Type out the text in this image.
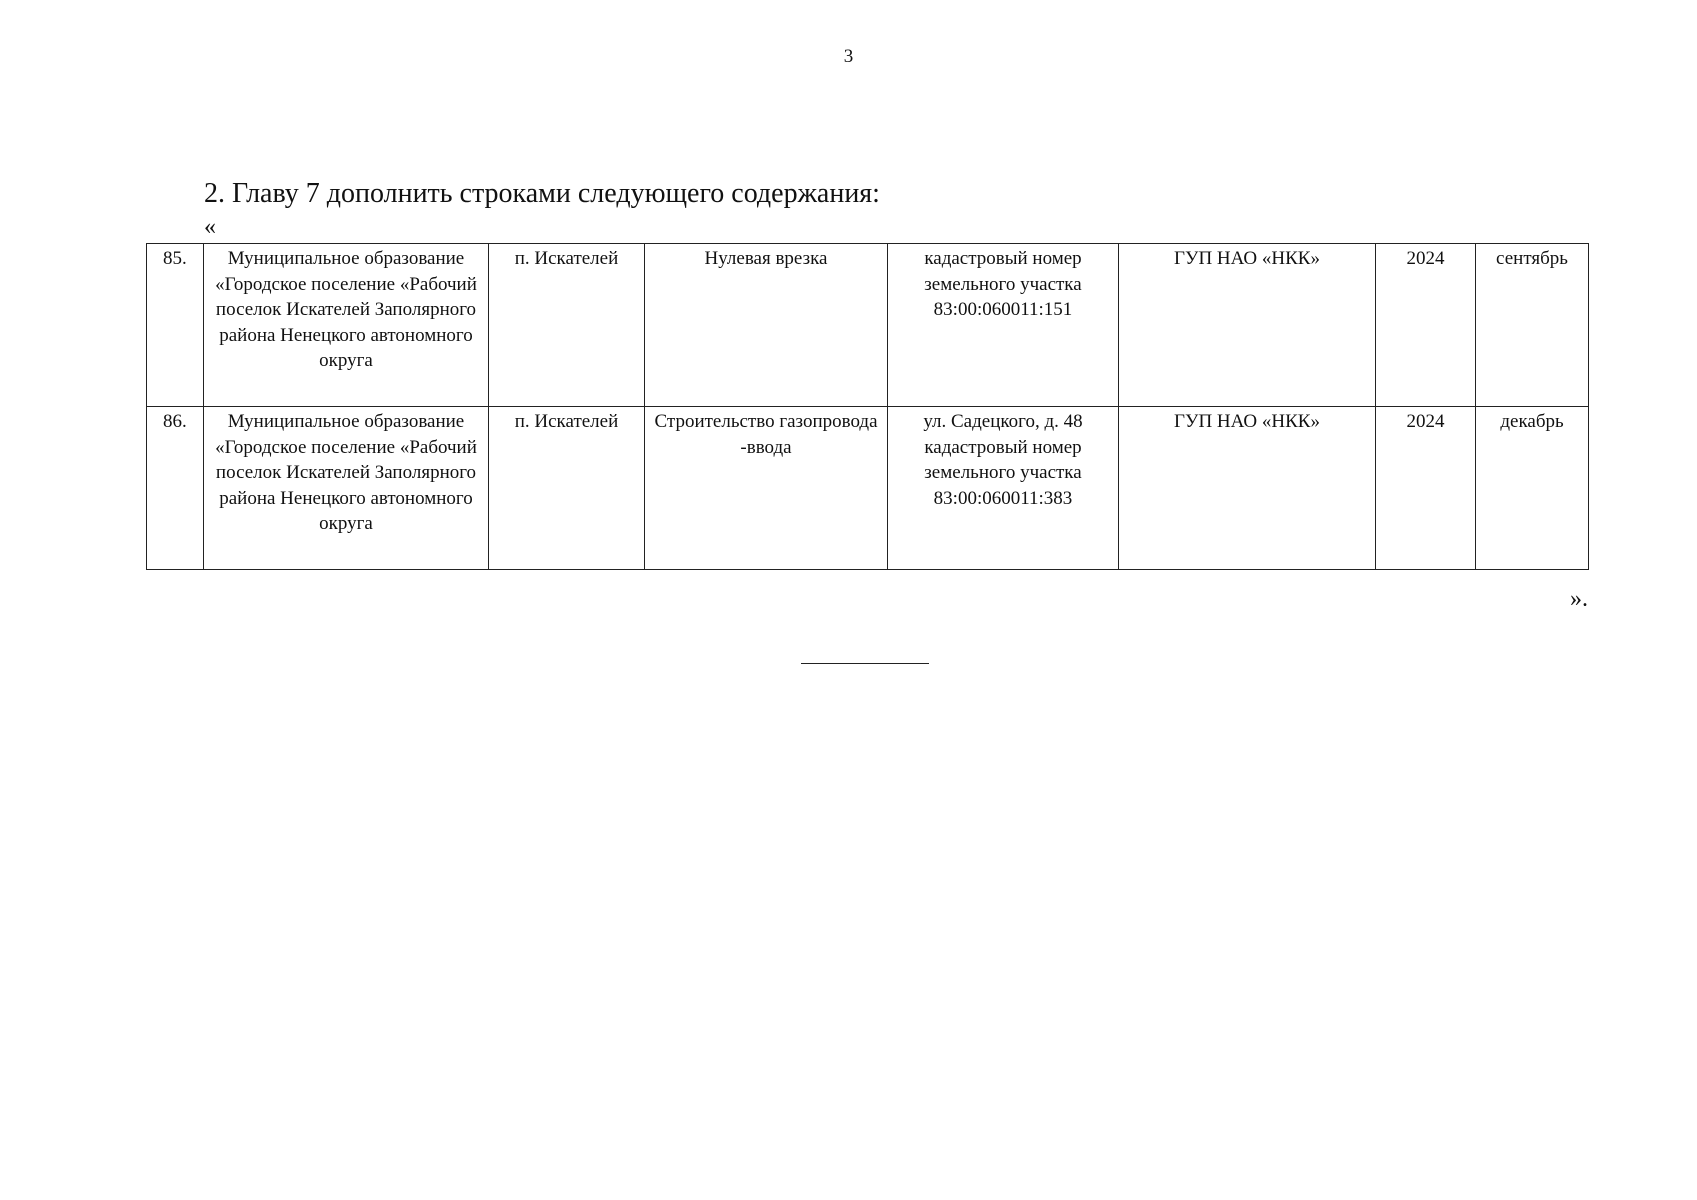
3
2. Главу 7 дополнить строками следующего содержания:
«
85.	Муниципальное образование «Городское поселение «Рабочий поселок Искателей Заполярного района Ненецкого автономного округа	п. Искателей	Нулевая врезка	кадастровый номер земельного участка 83:00:060011:151	ГУП НАО «НКК»	2024	сентябрь
86.	Муниципальное образование «Городское поселение «Рабочий поселок Искателей Заполярного района Ненецкого автономного округа	п. Искателей	Строительство газопровода -ввода	ул. Садецкого, д. 48 кадастровый номер земельного участка 83:00:060011:383	ГУП НАО «НКК»	2024	декабрь
».
